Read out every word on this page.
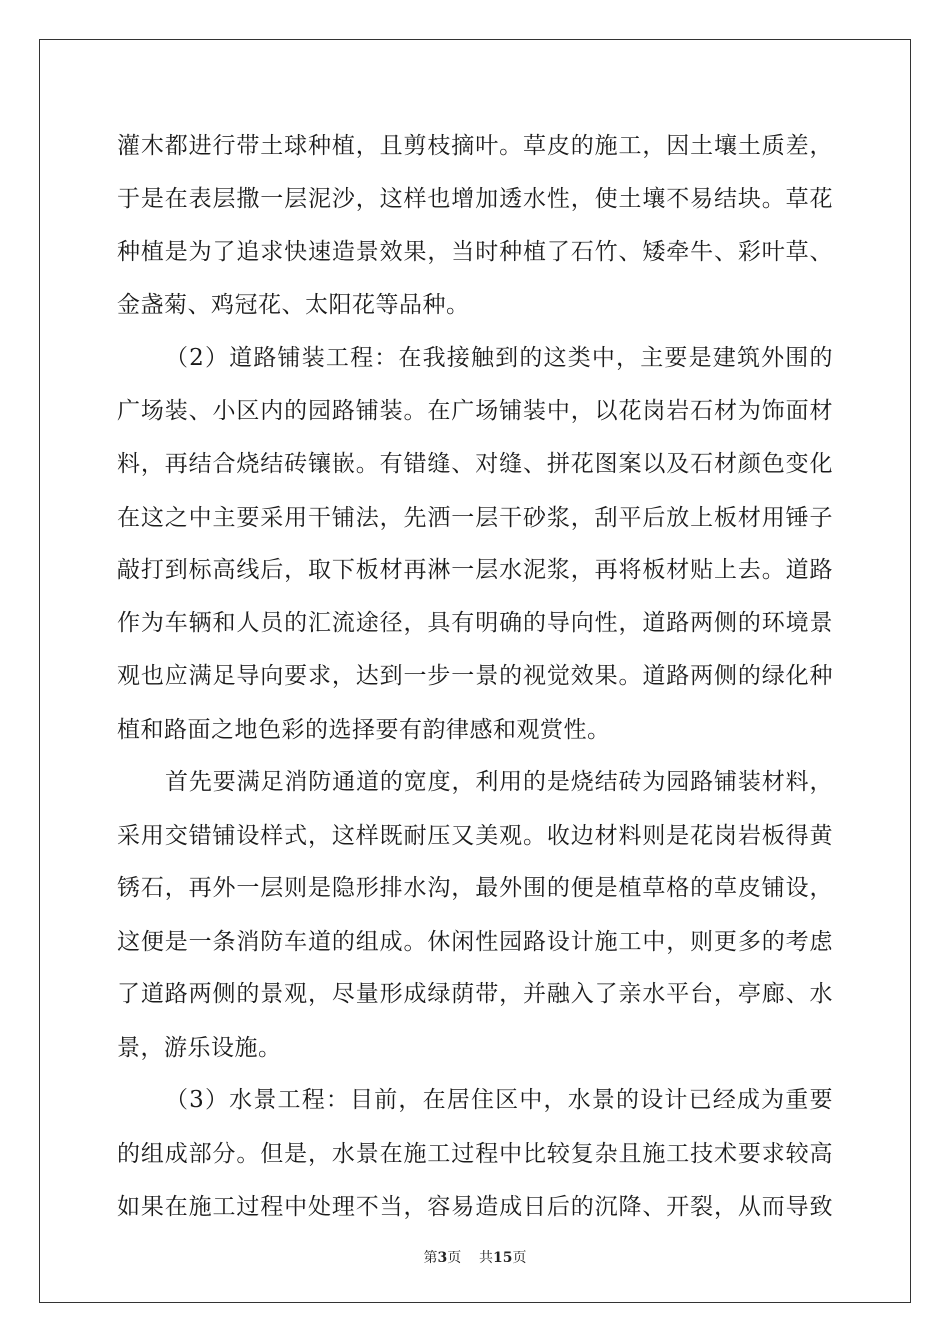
灌木都进行带土球种植，且剪枝摘叶。草皮的施工，因土壤土质差，
于是在表层撒一层泥沙，这样也增加透水性，使土壤不易结块。草花
种植是为了追求快速造景效果，当时种植了石竹、矮牵牛、彩叶草、
金盏菊、鸡冠花、太阳花等品种。
（2）道路铺装工程：在我接触到的这类中，主要是建筑外围的
广场装、小区内的园路铺装。在广场铺装中，以花岗岩石材为饰面材
料，再结合烧结砖镶嵌。有错缝、对缝、拼花图案以及石材颜色变化
在这之中主要采用干铺法，先洒一层干砂浆，刮平后放上板材用锤子
敲打到标高线后，取下板材再淋一层水泥浆，再将板材贴上去。道路
作为车辆和人员的汇流途径，具有明确的导向性，道路两侧的环境景
观也应满足导向要求，达到一步一景的视觉效果。道路两侧的绿化种
植和路面之地色彩的选择要有韵律感和观赏性。
首先要满足消防通道的宽度，利用的是烧结砖为园路铺装材料，
采用交错铺设样式，这样既耐压又美观。收边材料则是花岗岩板得黄
锈石，再外一层则是隐形排水沟，最外围的便是植草格的草皮铺设，
这便是一条消防车道的组成。休闲性园路设计施工中，则更多的考虑
了道路两侧的景观，尽量形成绿荫带，并融入了亲水平台，亭廊、水
景，游乐设施。
（3）水景工程：目前，在居住区中，水景的设计已经成为重要
的组成部分。但是，水景在施工过程中比较复杂且施工技术要求较高
如果在施工过程中处理不当，容易造成日后的沉降、开裂，从而导致
第3页 共15页
